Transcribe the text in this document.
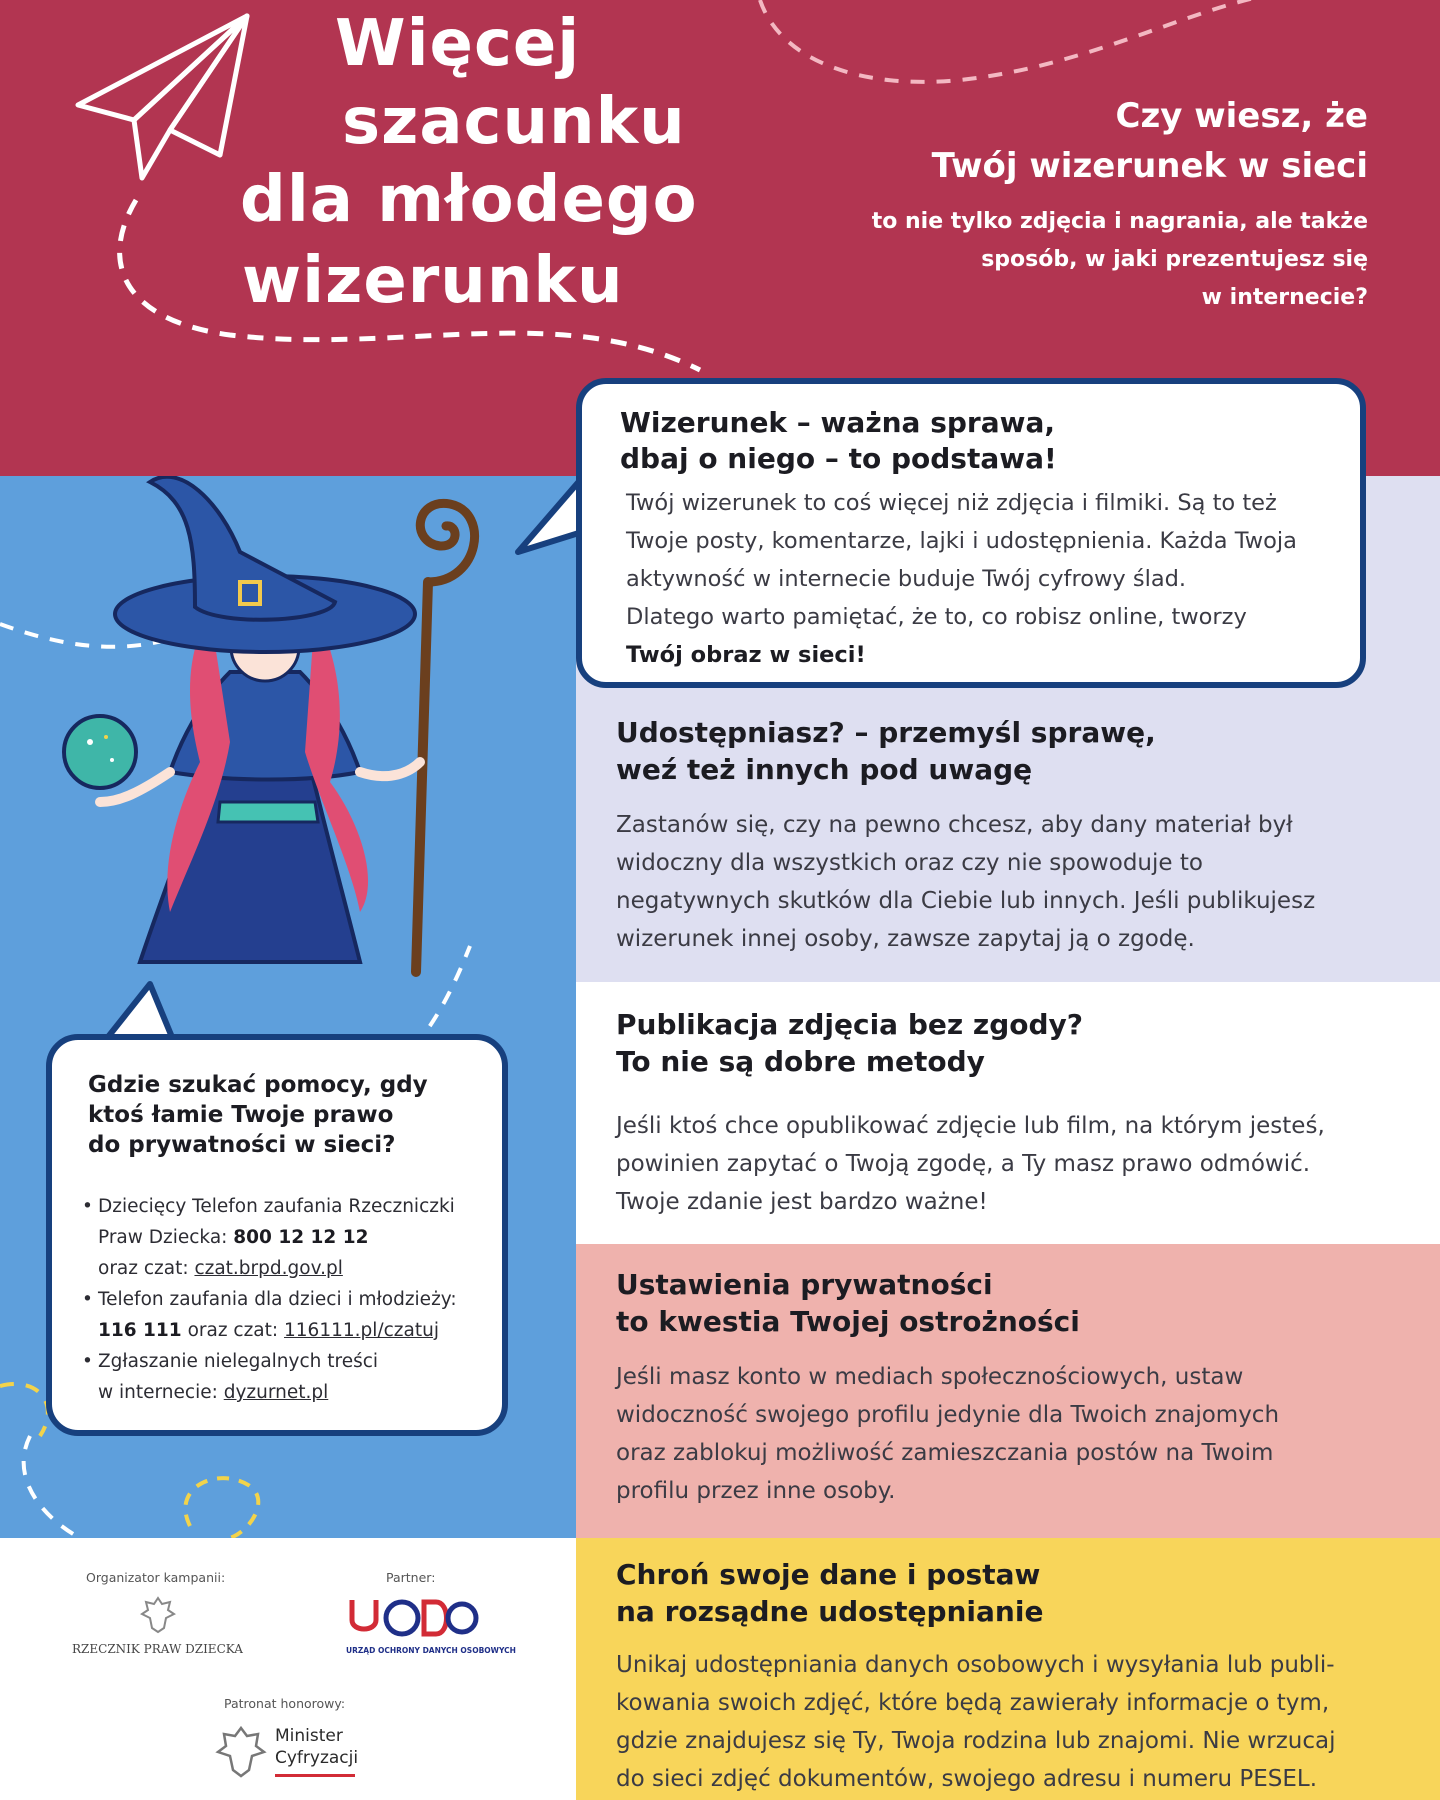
Więcej
szacunku
dla młodego
wizerunku
Czy wiesz, że
Twój wizerunek w sieci
to nie tylko zdjęcia i nagrania, ale także
sposób, w jaki prezentujesz się
w internecie?
Udostępniasz? – przemyśl sprawę,
weź też innych pod uwagę
Zastanów się, czy na pewno chcesz, aby dany materiał był
widoczny dla wszystkich oraz czy nie spowoduje to
negatywnych skutków dla Ciebie lub innych. Jeśli publikujesz
wizerunek innej osoby, zawsze zapytaj ją o zgodę.
Publikacja zdjęcia bez zgody?
To nie są dobre metody
Jeśli ktoś chce opublikować zdjęcie lub film, na którym jesteś,
powinien zapytać o Twoją zgodę, a Ty masz prawo odmówić.
Twoje zdanie jest bardzo ważne!
Ustawienia prywatności
to kwestia Twojej ostrożności
Jeśli masz konto w mediach społecznościowych, ustaw
widoczność swojego profilu jedynie dla Twoich znajomych
oraz zablokuj możliwość zamieszczania postów na Twoim
profilu przez inne osoby.
Chroń swoje dane i postaw
na rozsądne udostępnianie
Unikaj udostępniania danych osobowych i wysyłania lub publi-
kowania swoich zdjęć, które będą zawierały informacje o tym,
gdzie znajdujesz się Ty, Twoja rodzina lub znajomi. Nie wrzucaj
do sieci zdjęć dokumentów, swojego adresu i numeru PESEL.
Wizerunek – ważna sprawa,
dbaj o niego – to podstawa!
Twój wizerunek to coś więcej niż zdjęcia i filmiki. Są to też
Twoje posty, komentarze, lajki i udostępnienia. Każda Twoja
aktywność w internecie buduje Twój cyfrowy ślad.
Dlatego warto pamiętać, że to, co robisz online, tworzy
Twój obraz w sieci!
Gdzie szukać pomocy, gdy
ktoś łamie Twoje prawo
do prywatności w sieci?
• Dziecięcy Telefon zaufania Rzeczniczki
Praw Dziecka: 800 12 12 12
oraz czat: czat.brpd.gov.pl
• Telefon zaufania dla dzieci i młodzieży:
116 111 oraz czat: 116111.pl/czatuj
• Zgłaszanie nielegalnych treści
w internecie: dyzurnet.pl
Organizator kampanii:
RZECZNIK PRAW DZIECKA
Partner:
URZĄD OCHRONY DANYCH OSOBOWYCH
Patronat honorowy:
Minister
Cyfryzacji
